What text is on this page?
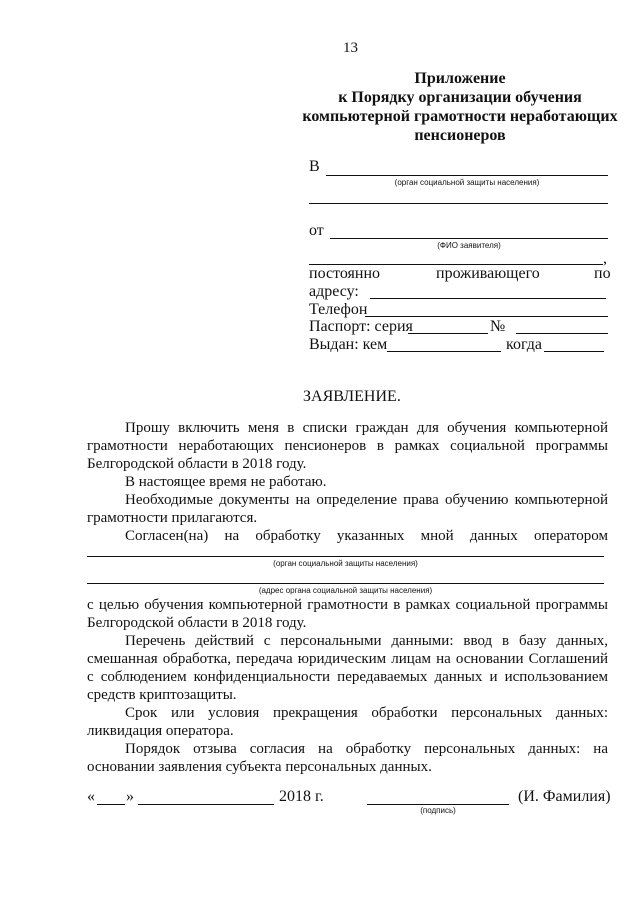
13
Приложение
к Порядку организации обучения
компьютерной грамотности неработающих
пенсионеров
В
(орган социальной защиты населения)
от
(ФИО заявителя)
,
постоянно	проживающего	по
адресу:
Телефон
Паспорт: серия	№
Выдан: кем	когда
ЗАЯВЛЕНИЕ.
Прошу включить меня в списки граждан для обучения компьютерной
грамотности неработающих пенсионеров в рамках социальной программы
Белгородской области в 2018 году.
В настоящее время не работаю.
Необходимые документы на определение права обучению компьютерной
грамотности прилагаются.
Согласен(на) на обработку указанных мной данных оператором
(орган социальной защиты населения)
(адрес органа социальной защиты населения)
с целью обучения компьютерной грамотности в рамках социальной программы
Белгородской области в 2018 году.
Перечень действий с персональными данными: ввод в базу данных,
смешанная обработка, передача юридическим лицам на основании Соглашений
с соблюдением конфиденциальности передаваемых данных и использованием
средств криптозащиты.
Срок или условия прекращения обработки персональных данных:
ликвидация оператора.
Порядок отзыва согласия на обработку персональных данных: на
основании заявления субъекта персональных данных.
« »	2018 г.
(подпись)
(И. Фамилия)
